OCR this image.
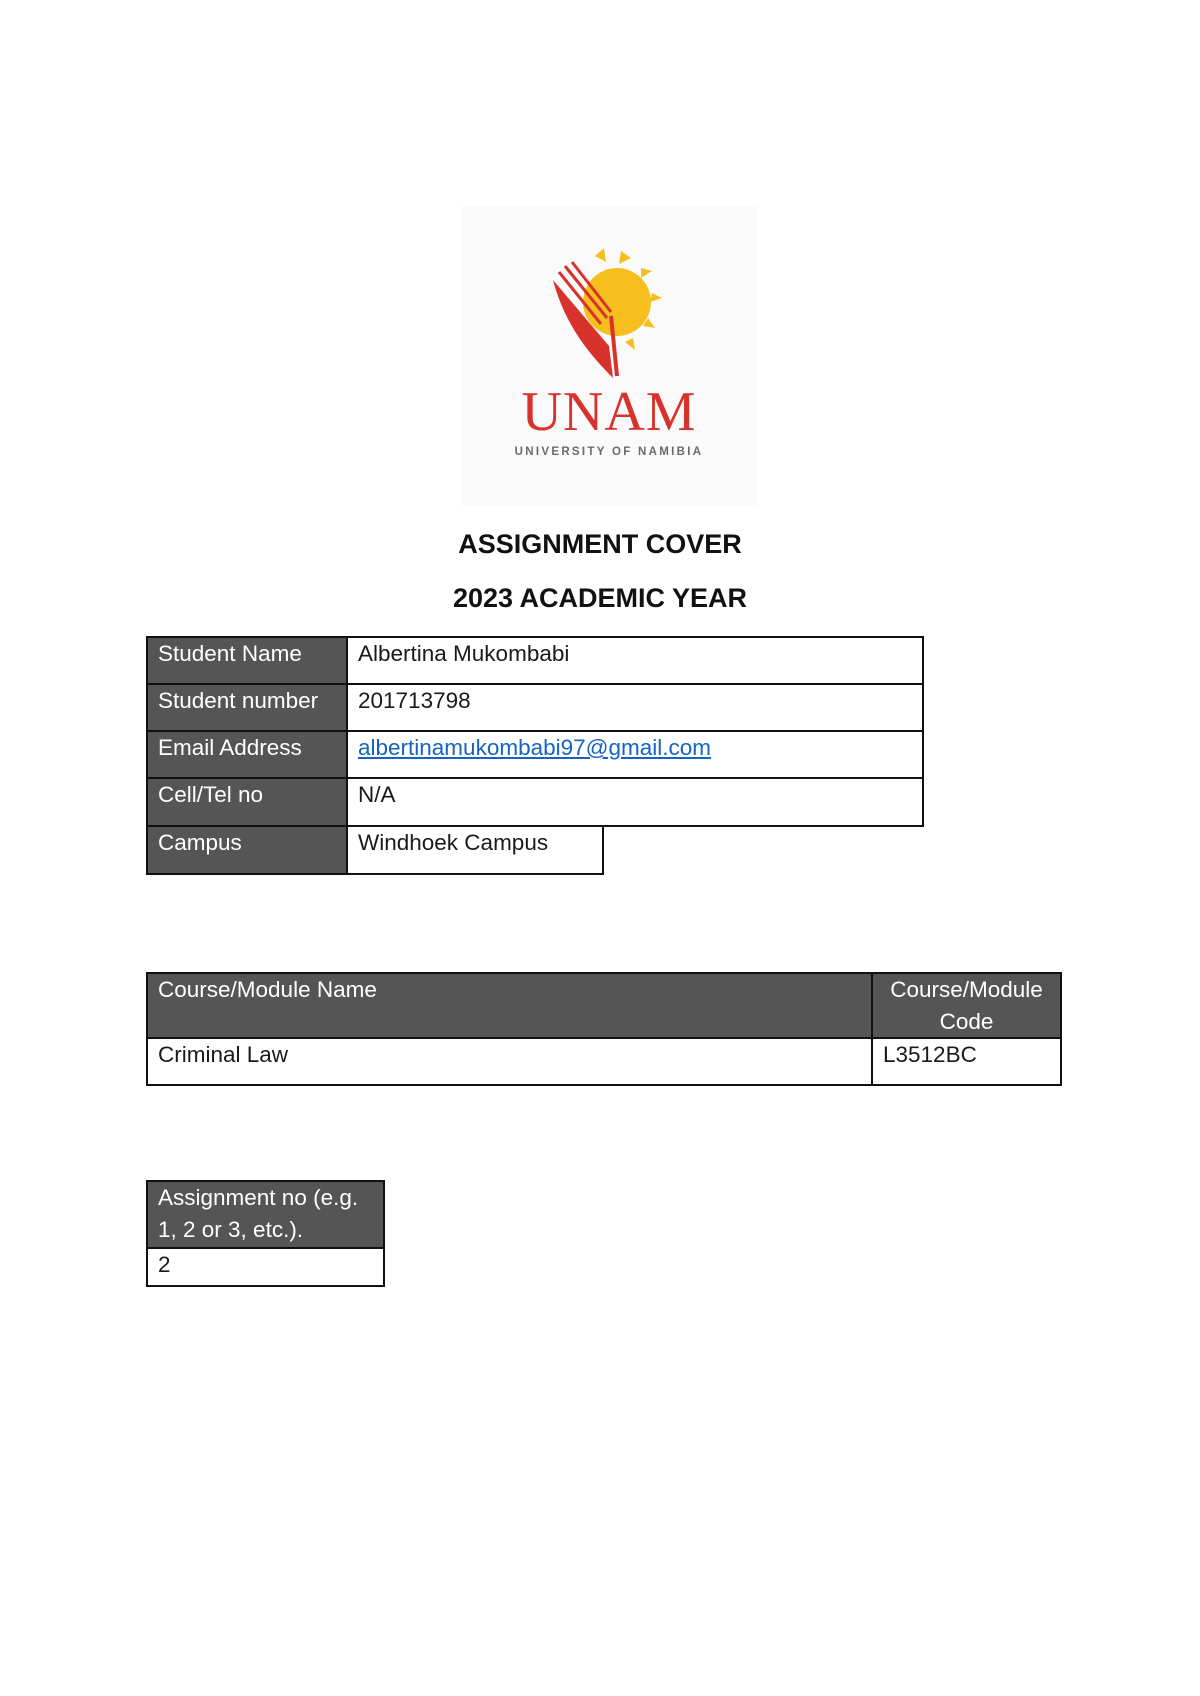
UNAM
UNIVERSITY OF NAMIBIA
ASSIGNMENT COVER
2023 ACADEMIC YEAR
Student Name	Albertina Mukombabi
Student number	201713798
Email Address	albertinamukombabi97@gmail.com
Cell/Tel no	N/A
Campus	Windhoek Campus
Course/Module Name	Course/Module Code
Criminal Law	L3512BC
Assignment no (e.g. 1, 2 or 3, etc.).
2
